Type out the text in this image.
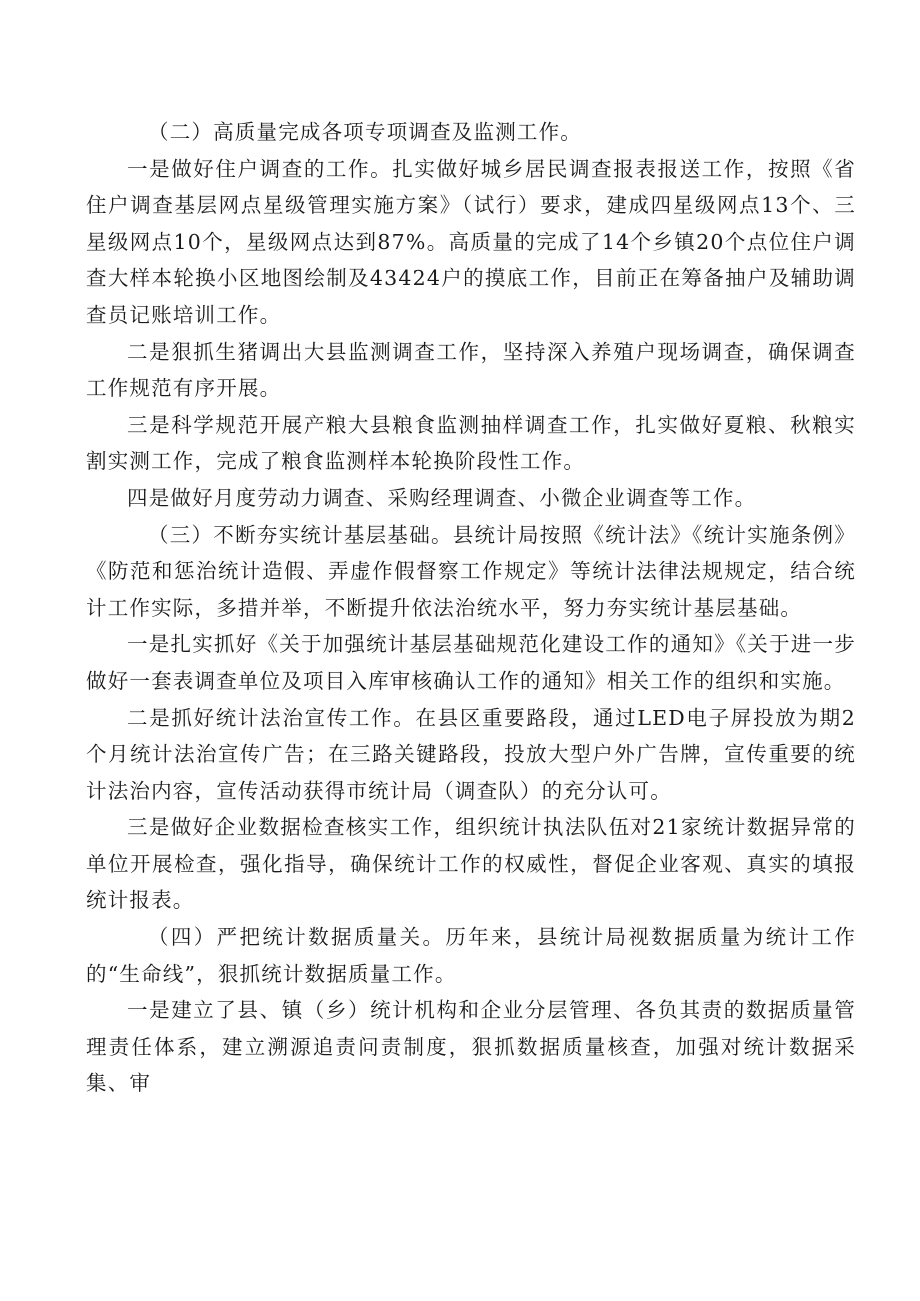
（二）高质量完成各项专项调查及监测工作。

一是做好住户调查的工作。扎实做好城乡居民调查报表报送工作，按照《省住户调查基层网点星级管理实施方案》（试行）要求，建成四星级网点13个、三星级网点10个，星级网点达到87%。高质量的完成了14个乡镇20个点位住户调查大样本轮换小区地图绘制及43424户的摸底工作，目前正在筹备抽户及辅助调查员记账培训工作。

二是狠抓生猪调出大县监测调查工作，坚持深入养殖户现场调查，确保调查工作规范有序开展。

三是科学规范开展产粮大县粮食监测抽样调查工作，扎实做好夏粮、秋粮实割实测工作，完成了粮食监测样本轮换阶段性工作。

四是做好月度劳动力调查、采购经理调查、小微企业调查等工作。

（三）不断夯实统计基层基础。县统计局按照《统计法》《统计实施条例》《防范和惩治统计造假、弄虚作假督察工作规定》等统计法律法规规定，结合统计工作实际，多措并举，不断提升依法治统水平，努力夯实统计基层基础。

一是扎实抓好《关于加强统计基层基础规范化建设工作的通知》《关于进一步做好一套表调查单位及项目入库审核确认工作的通知》相关工作的组织和实施。

二是抓好统计法治宣传工作。在县区重要路段，通过LED电子屏投放为期2个月统计法治宣传广告；在三路关键路段，投放大型户外广告牌，宣传重要的统计法治内容，宣传活动获得市统计局（调查队）的充分认可。

三是做好企业数据检查核实工作，组织统计执法队伍对21家统计数据异常的单位开展检查，强化指导，确保统计工作的权威性，督促企业客观、真实的填报统计报表。

（四）严把统计数据质量关。历年来，县统计局视数据质量为统计工作的“生命线”，狠抓统计数据质量工作。

一是建立了县、镇（乡）统计机构和企业分层管理、各负其责的数据质量管理责任体系，建立溯源追责问责制度，狠抓数据质量核查，加强对统计数据采集、审
